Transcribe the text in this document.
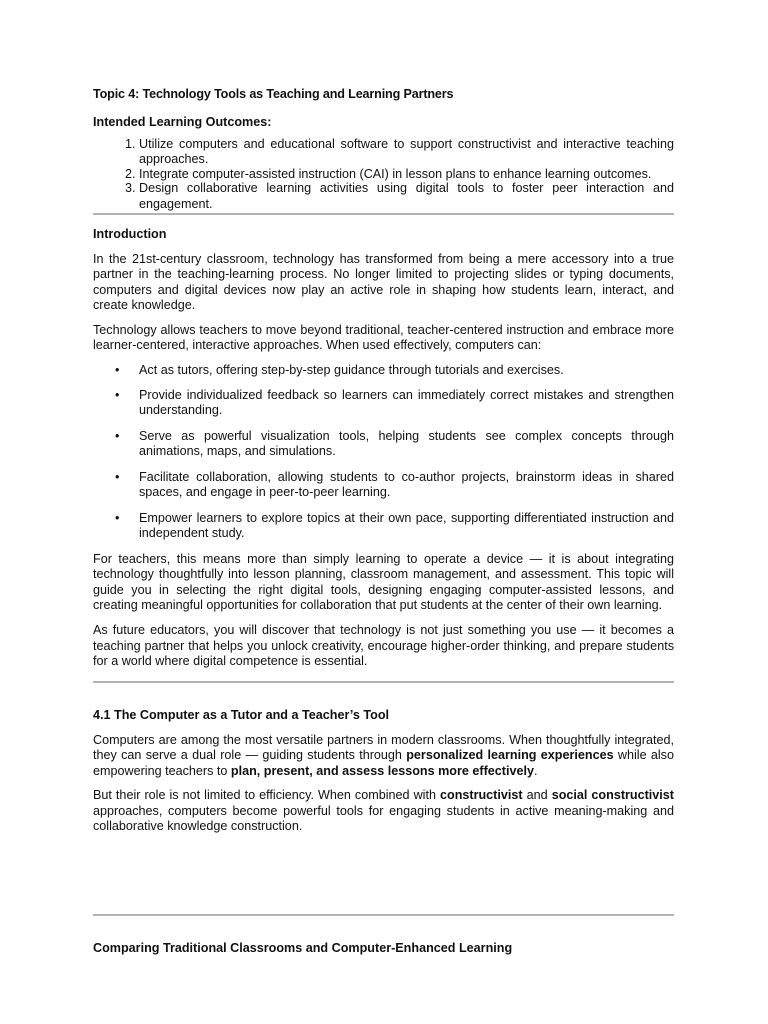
Topic 4: Technology Tools as Teaching and Learning Partners
Intended Learning Outcomes:
1. Utilize computers and educational software to support constructivist and interactive teaching approaches.
2. Integrate computer-assisted instruction (CAI) in lesson plans to enhance learning outcomes.
3. Design collaborative learning activities using digital tools to foster peer interaction and engagement.
Introduction

In the 21st-century classroom, technology has transformed from being a mere accessory into a true partner in the teaching-learning process. No longer limited to projecting slides or typing documents, computers and digital devices now play an active role in shaping how students learn, interact, and create knowledge.

Technology allows teachers to move beyond traditional, teacher-centered instruction and embrace more learner-centered, interactive approaches. When used effectively, computers can:

• Act as tutors, offering step-by-step guidance through tutorials and exercises.
• Provide individualized feedback so learners can immediately correct mistakes and strengthen understanding.
• Serve as powerful visualization tools, helping students see complex concepts through animations, maps, and simulations.
• Facilitate collaboration, allowing students to co-author projects, brainstorm ideas in shared spaces, and engage in peer-to-peer learning.
• Empower learners to explore topics at their own pace, supporting differentiated instruction and independent study.

For teachers, this means more than simply learning to operate a device — it is about integrating technology thoughtfully into lesson planning, classroom management, and assessment. This topic will guide you in selecting the right digital tools, designing engaging computer-assisted lessons, and creating meaningful opportunities for collaboration that put students at the center of their own learning.

As future educators, you will discover that technology is not just something you use — it becomes a teaching partner that helps you unlock creativity, encourage higher-order thinking, and prepare students for a world where digital competence is essential.

4.1 The Computer as a Tutor and a Teacher’s Tool

Computers are among the most versatile partners in modern classrooms. When thoughtfully integrated, they can serve a dual role — guiding students through personalized learning experiences while also empowering teachers to plan, present, and assess lessons more effectively.

But their role is not limited to efficiency. When combined with constructivist and social constructivist approaches, computers become powerful tools for engaging students in active meaning-making and collaborative knowledge construction.

Comparing Traditional Classrooms and Computer-Enhanced Learning
